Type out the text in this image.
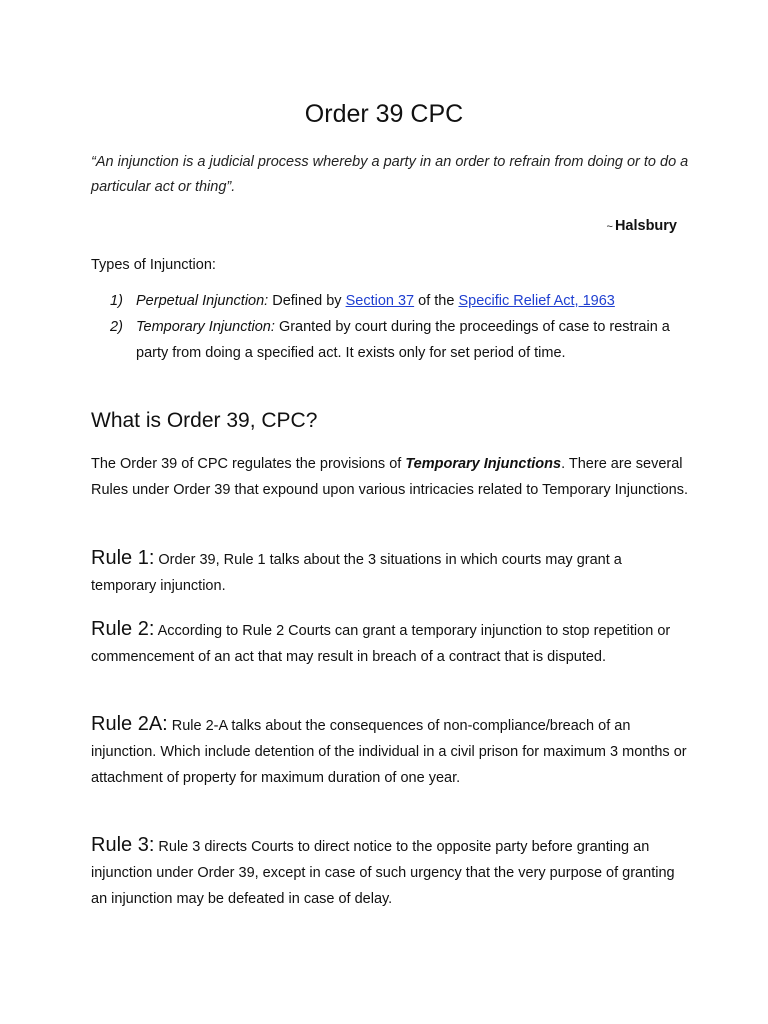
Order 39 CPC
“An injunction is a judicial process whereby a party in an order to refrain from doing or to do a particular act or thing”.
~ Halsbury
Types of Injunction:
1) Perpetual Injunction: Defined by Section 37 of the Specific Relief Act, 1963
2) Temporary Injunction: Granted by court during the proceedings of case to restrain a party from doing a specified act. It exists only for set period of time.
What is Order 39, CPC?
The Order 39 of CPC regulates the provisions of Temporary Injunctions. There are several Rules under Order 39 that expound upon various intricacies related to Temporary Injunctions.
Rule 1: Order 39, Rule 1 talks about the 3 situations in which courts may grant a temporary injunction.
Rule 2: According to Rule 2 Courts can grant a temporary injunction to stop repetition or commencement of an act that may result in breach of a contract that is disputed.
Rule 2A: Rule 2-A talks about the consequences of non-compliance/breach of an injunction. Which include detention of the individual in a civil prison for maximum 3 months or attachment of property for maximum duration of one year.
Rule 3: Rule 3 directs Courts to direct notice to the opposite party before granting an injunction under Order 39, except in case of such urgency that the very purpose of granting an injunction may be defeated in case of delay.
